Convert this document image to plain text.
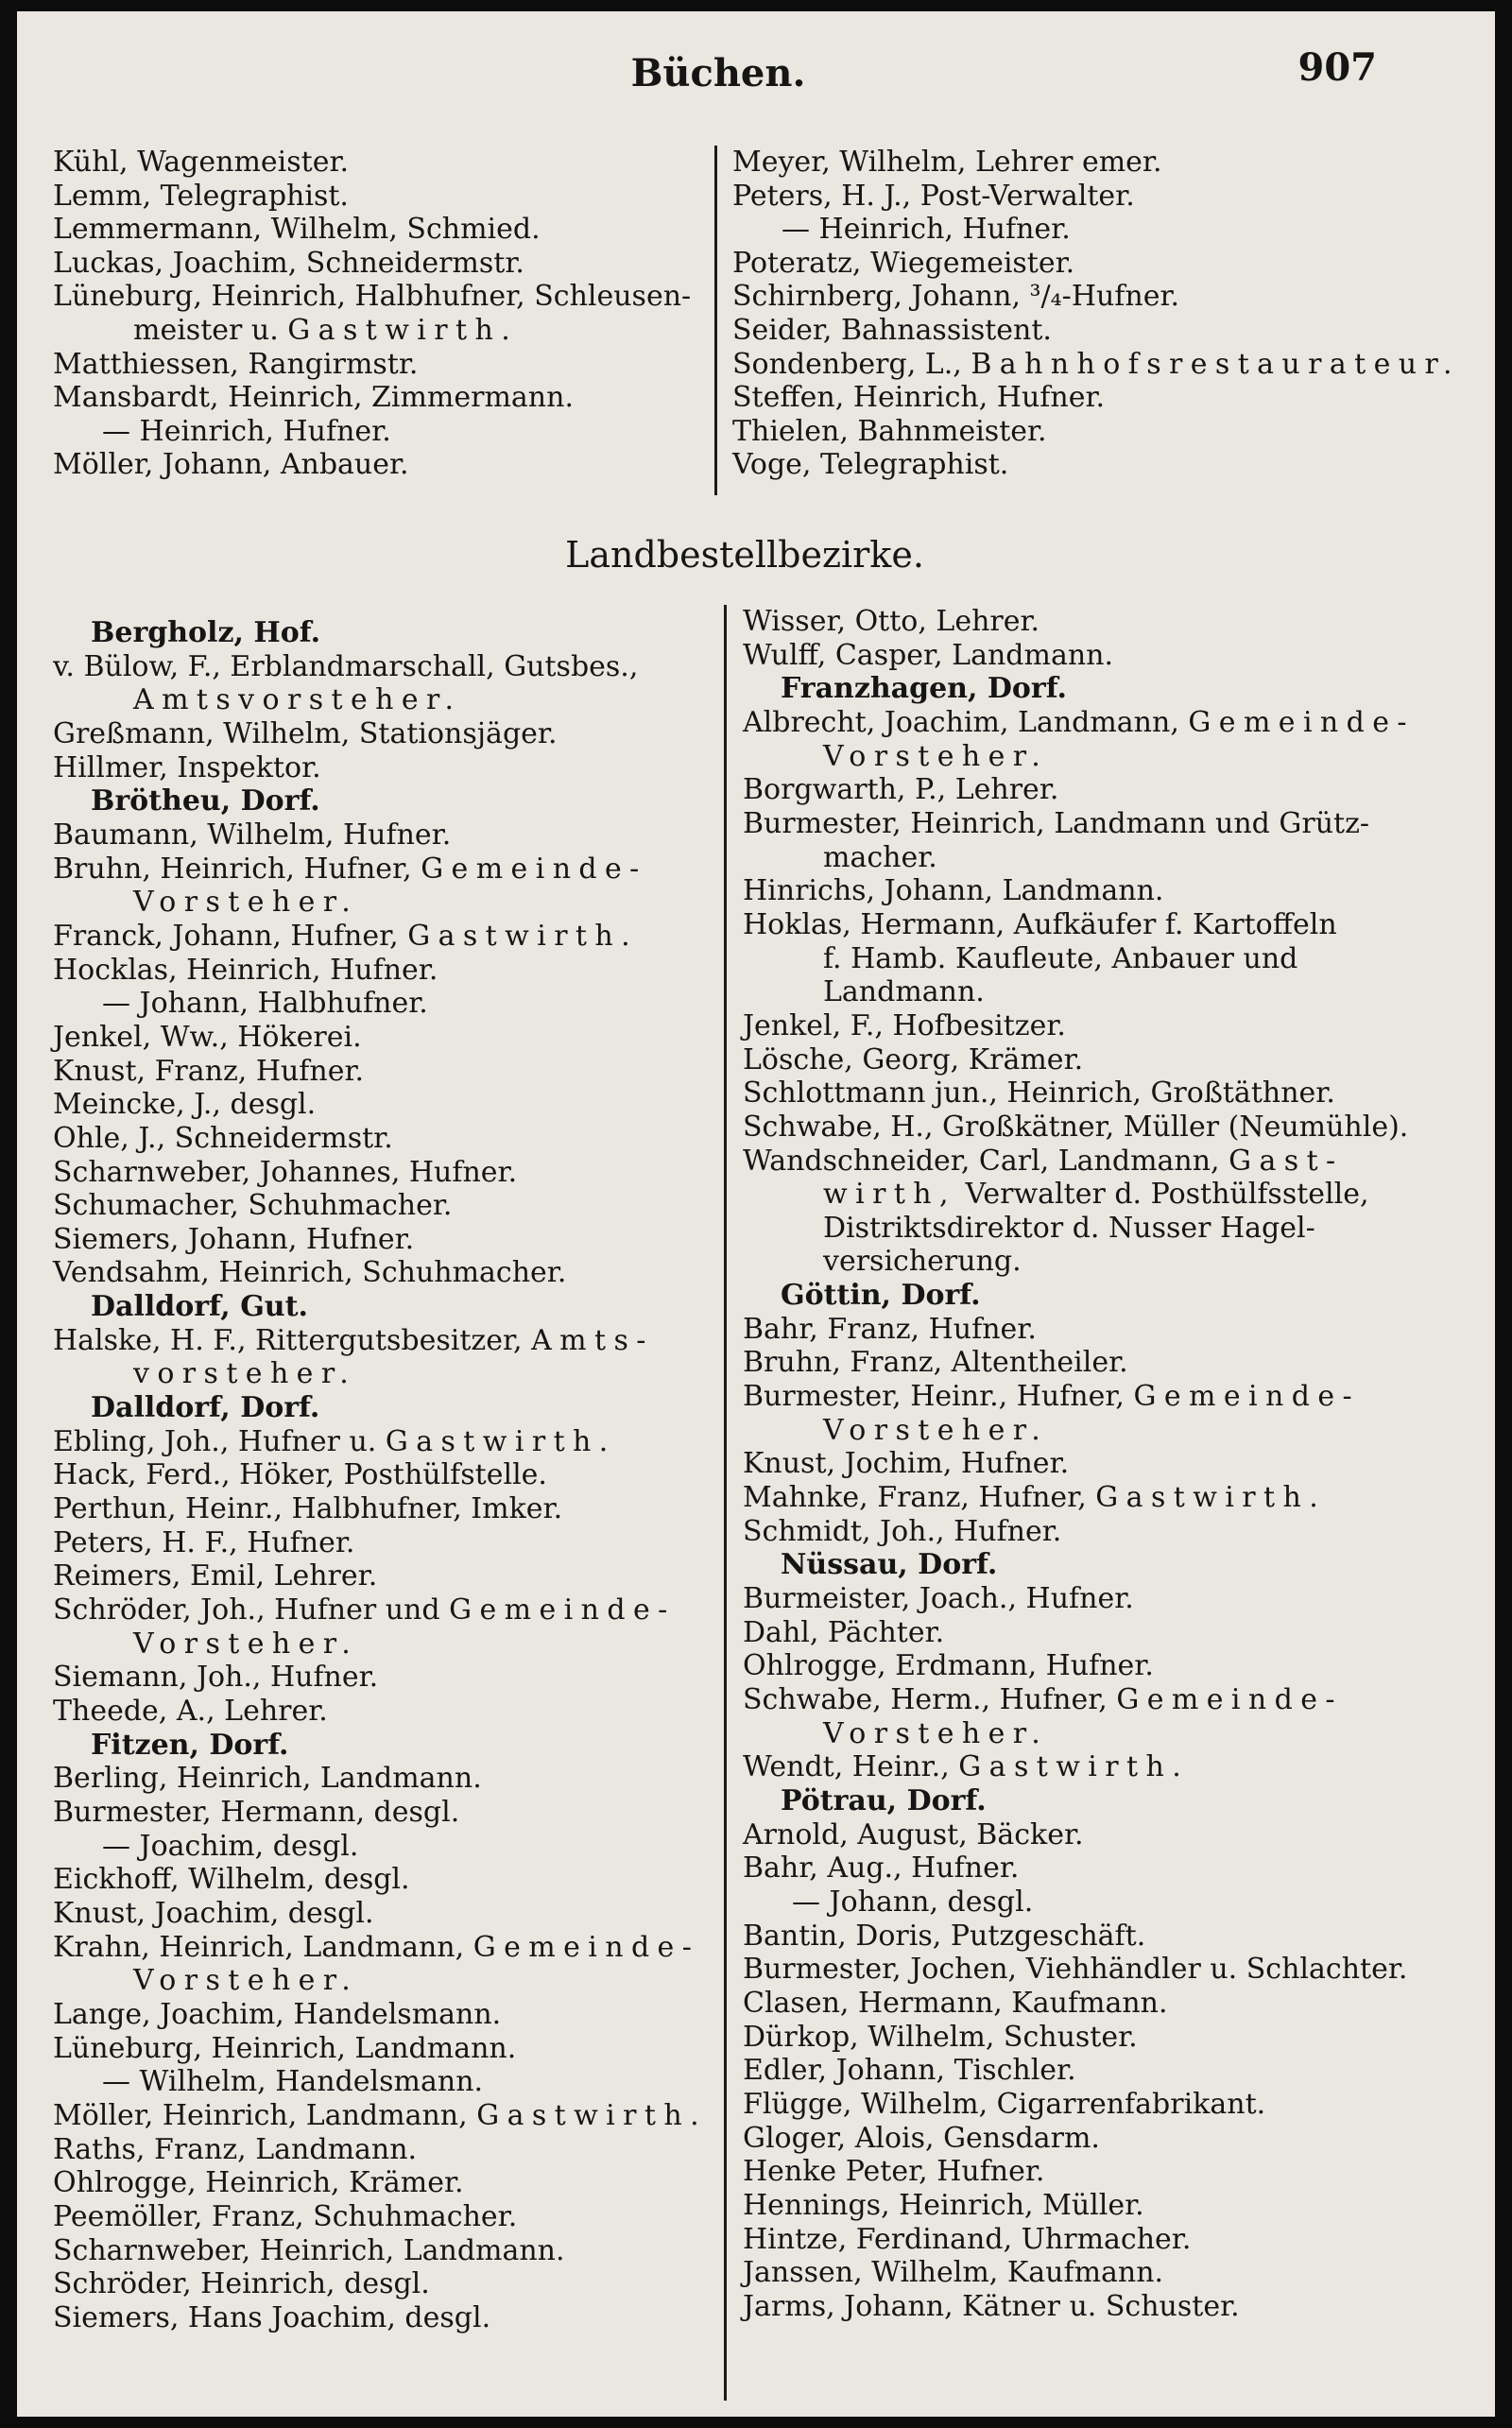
Büchen.	907
Kühl, Wagenmeister.
Lemm, Telegraphist.
Lemmermann, Wilhelm, Schmied.
Luckas, Joachim, Schneidermstr.
Lüneburg, Heinrich, Halbhufner, Schleusen-
meister u. Gastwirth.
Matthiessen, Rangirmstr.
Mansbardt, Heinrich, Zimmermann.
— Heinrich, Hufner.
Möller, Johann, Anbauer.
Meyer, Wilhelm, Lehrer emer.
Peters, H. J., Post-Verwalter.
— Heinrich, Hufner.
Poteratz, Wiegemeister.
Schirnberg, Johann, ³/₄-Hufner.
Seider, Bahnassistent.
Sondenberg, L., Bahnhofsrestaurateur.
Steffen, Heinrich, Hufner.
Thielen, Bahnmeister.
Voge, Telegraphist.
Landbestellbezirke.
Bergholz, Hof.
v. Bülow, F., Erblandmarschall, Gutsbes.,
Amtsvorsteher.
Greßmann, Wilhelm, Stationsjäger.
Hillmer, Inspektor.
Brötheu, Dorf.
Baumann, Wilhelm, Hufner.
Bruhn, Heinrich, Hufner, Gemeinde-
Vorsteher.
Franck, Johann, Hufner, Gastwirth.
Hocklas, Heinrich, Hufner.
— Johann, Halbhufner.
Jenkel, Ww., Hökerei.
Knust, Franz, Hufner.
Meincke, J., desgl.
Ohle, J., Schneidermstr.
Scharnweber, Johannes, Hufner.
Schumacher, Schuhmacher.
Siemers, Johann, Hufner.
Vendsahm, Heinrich, Schuhmacher.
Dalldorf, Gut.
Halske, H. F., Rittergutsbesitzer, Amts-
vorsteher.
Dalldorf, Dorf.
Ebling, Joh., Hufner u. Gastwirth.
Hack, Ferd., Höker, Posthülfstelle.
Perthun, Heinr., Halbhufner, Imker.
Peters, H. F., Hufner.
Reimers, Emil, Lehrer.
Schröder, Joh., Hufner und Gemeinde-
Vorsteher.
Siemann, Joh., Hufner.
Theede, A., Lehrer.
Fitzen, Dorf.
Berling, Heinrich, Landmann.
Burmester, Hermann, desgl.
— Joachim, desgl.
Eickhoff, Wilhelm, desgl.
Knust, Joachim, desgl.
Krahn, Heinrich, Landmann, Gemeinde-
Vorsteher.
Lange, Joachim, Handelsmann.
Lüneburg, Heinrich, Landmann.
— Wilhelm, Handelsmann.
Möller, Heinrich, Landmann, Gastwirth.
Raths, Franz, Landmann.
Ohlrogge, Heinrich, Krämer.
Peemöller, Franz, Schuhmacher.
Scharnweber, Heinrich, Landmann.
Schröder, Heinrich, desgl.
Siemers, Hans Joachim, desgl.
Wisser, Otto, Lehrer.
Wulff, Casper, Landmann.
Franzhagen, Dorf.
Albrecht, Joachim, Landmann, Gemeinde-
Vorsteher.
Borgwarth, P., Lehrer.
Burmester, Heinrich, Landmann und Grütz-
macher.
Hinrichs, Johann, Landmann.
Hoklas, Hermann, Aufkäufer f. Kartoffeln
f. Hamb. Kaufleute, Anbauer und
Landmann.
Jenkel, F., Hofbesitzer.
Lösche, Georg, Krämer.
Schlottmann jun., Heinrich, Großtäthner.
Schwabe, H., Großkätner, Müller (Neumühle).
Wandschneider, Carl, Landmann, Gast-
wirth, Verwalter d. Posthülfsstelle,
Distriktsdirektor d. Nusser Hagel-
versicherung.
Göttin, Dorf.
Bahr, Franz, Hufner.
Bruhn, Franz, Altentheiler.
Burmester, Heinr., Hufner, Gemeinde-
Vorsteher.
Knust, Jochim, Hufner.
Mahnke, Franz, Hufner, Gastwirth.
Schmidt, Joh., Hufner.
Nüssau, Dorf.
Burmeister, Joach., Hufner.
Dahl, Pächter.
Ohlrogge, Erdmann, Hufner.
Schwabe, Herm., Hufner, Gemeinde-
Vorsteher.
Wendt, Heinr., Gastwirth.
Pötrau, Dorf.
Arnold, August, Bäcker.
Bahr, Aug., Hufner.
— Johann, desgl.
Bantin, Doris, Putzgeschäft.
Burmester, Jochen, Viehhändler u. Schlachter.
Clasen, Hermann, Kaufmann.
Dürkop, Wilhelm, Schuster.
Edler, Johann, Tischler.
Flügge, Wilhelm, Cigarrenfabrikant.
Gloger, Alois, Gensdarm.
Henke Peter, Hufner.
Hennings, Heinrich, Müller.
Hintze, Ferdinand, Uhrmacher.
Janssen, Wilhelm, Kaufmann.
Jarms, Johann, Kätner u. Schuster.
